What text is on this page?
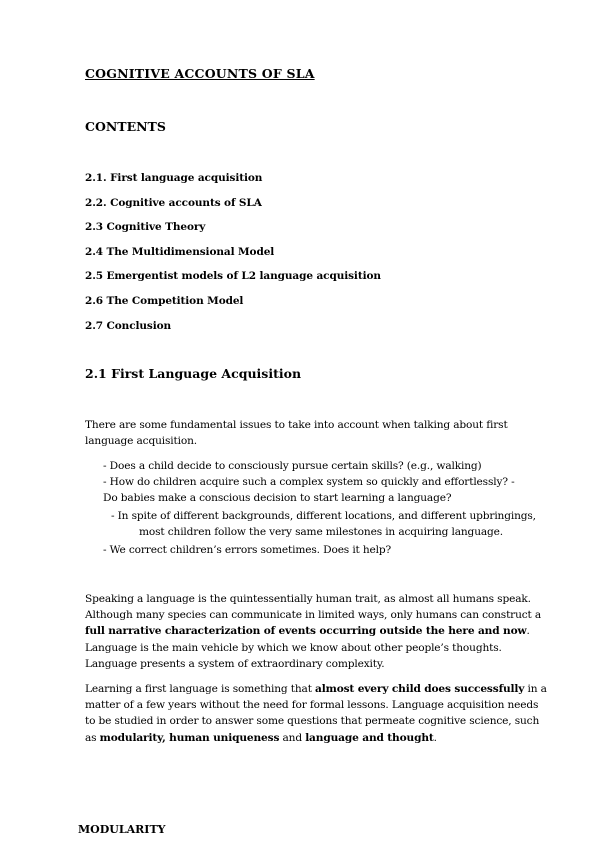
COGNITIVE ACCOUNTS OF SLA
CONTENTS
2.1. First language acquisition
2.2. Cognitive accounts of SLA
2.3 Cognitive Theory
2.4 The Multidimensional Model
2.5 Emergentist models of L2 language acquisition
2.6 The Competition Model
2.7 Conclusion
2.1 First Language Acquisition
There are some fundamental issues to take into account when talking about first
language acquisition.
- Does a child decide to consciously pursue certain skills? (e.g., walking)
- How do children acquire such a complex system so quickly and effortlessly? -
Do babies make a conscious decision to start learning a language?
- In spite of different backgrounds, different locations, and different upbringings,
most children follow the very same milestones in acquiring language.
- We correct children’s errors sometimes. Does it help?
Speaking a language is the quintessentially human trait, as almost all humans speak.
Although many species can communicate in limited ways, only humans can construct a
full narrative characterization of events occurring outside the here and now.
Language is the main vehicle by which we know about other people’s thoughts.
Language presents a system of extraordinary complexity.
Learning a first language is something that almost every child does successfully in a
matter of a few years without the need for formal lessons. Language acquisition needs
to be studied in order to answer some questions that permeate cognitive science, such
as modularity, human uniqueness and language and thought.
MODULARITY
